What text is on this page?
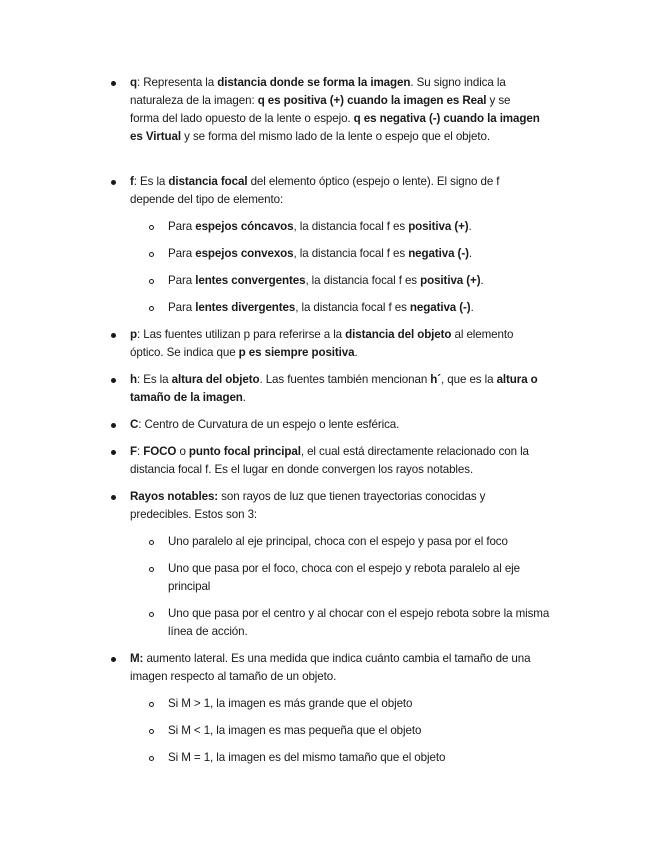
q: Representa la distancia donde se forma la imagen. Su signo indica la naturaleza de la imagen: q es positiva (+) cuando la imagen es Real y se forma del lado opuesto de la lente o espejo. q es negativa (-) cuando la imagen es Virtual y se forma del mismo lado de la lente o espejo que el objeto.
f: Es la distancia focal del elemento óptico (espejo o lente). El signo de f depende del tipo de elemento:
Para espejos cóncavos, la distancia focal f es positiva (+).
Para espejos convexos, la distancia focal f es negativa (-).
Para lentes convergentes, la distancia focal f es positiva (+).
Para lentes divergentes, la distancia focal f es negativa (-).
p: Las fuentes utilizan p para referirse a la distancia del objeto al elemento óptico. Se indica que p es siempre positiva.
h: Es la altura del objeto. Las fuentes también mencionan h´, que es la altura o tamaño de la imagen.
C: Centro de Curvatura de un espejo o lente esférica.
F: FOCO o punto focal principal, el cual está directamente relacionado con la distancia focal f. Es el lugar en donde convergen los rayos notables.
Rayos notables: son rayos de luz que tienen trayectorias conocidas y predecibles. Estos son 3:
Uno paralelo al eje principal, choca con el espejo y pasa por el foco
Uno que pasa por el foco, choca con el espejo y rebota paralelo al eje principal
Uno que pasa por el centro y al chocar con el espejo rebota sobre la misma línea de acción.
M: aumento lateral. Es una medida que indica cuánto cambia el tamaño de una imagen respecto al tamaño de un objeto.
Si M > 1, la imagen es más grande que el objeto
Si M < 1, la imagen es mas pequeña que el objeto
Si M = 1, la imagen es del mismo tamaño que el objeto
